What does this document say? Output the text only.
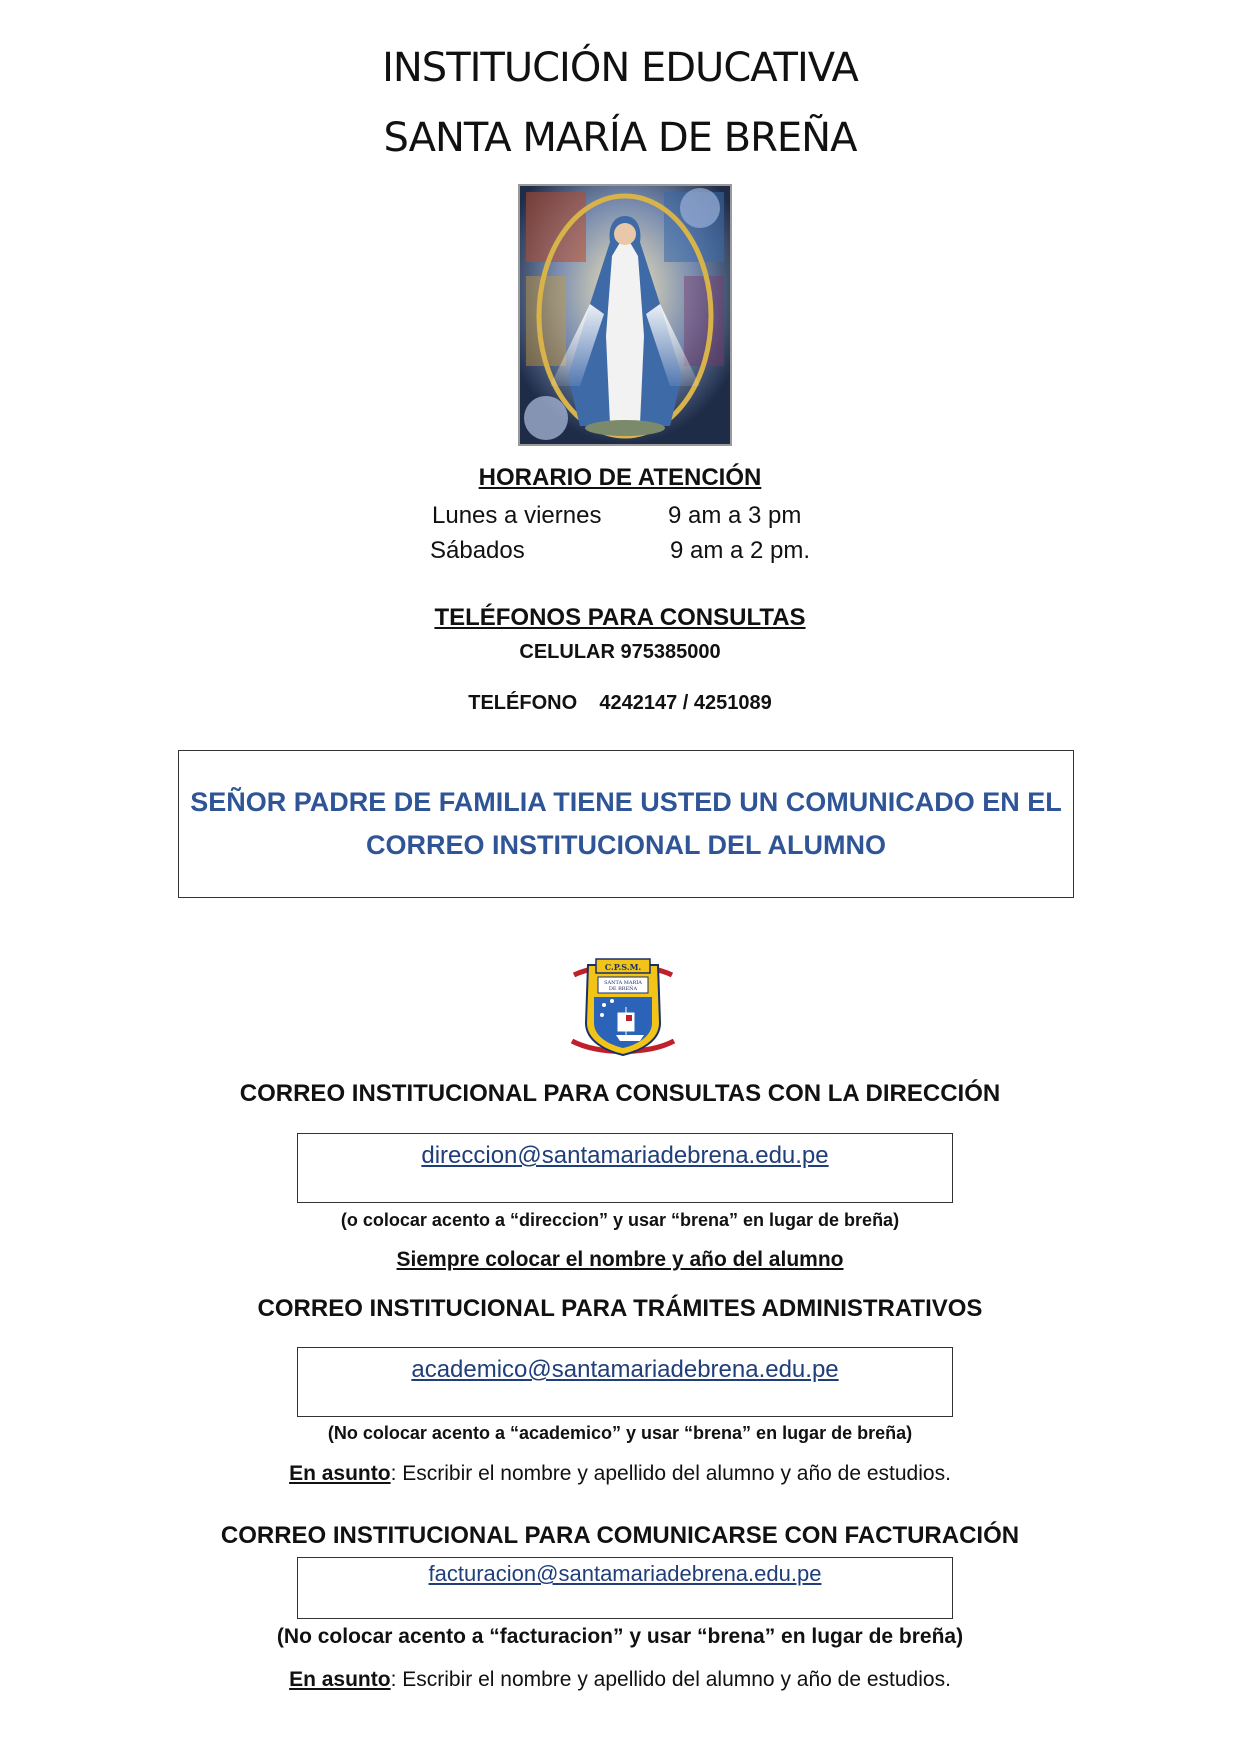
INSTITUCIÓN EDUCATIVA
SANTA MARÍA DE BREÑA
HORARIO DE ATENCIÓN
Lunes a viernes	9 am a 3 pm
Sábados	9 am a 2 pm.
TELÉFONOS PARA CONSULTAS
CELULAR 975385000
TELÉFONO 4242147 / 4251089
SEÑOR PADRE DE FAMILIA TIENE USTED UN COMUNICADO EN EL CORREO INSTITUCIONAL DEL ALUMNO
C.P.S.M.
SANTA MARÍA
DE BREÑA
CORREO INSTITUCIONAL PARA CONSULTAS CON LA DIRECCIÓN
direccion@santamariadebrena.edu.pe
(o colocar acento a “direccion” y usar “brena” en lugar de breña)
Siempre colocar el nombre y año del alumno
CORREO INSTITUCIONAL PARA TRÁMITES ADMINISTRATIVOS
academico@santamariadebrena.edu.pe
(No colocar acento a “academico” y usar “brena” en lugar de breña)
En asunto: Escribir el nombre y apellido del alumno y año de estudios.
CORREO INSTITUCIONAL PARA COMUNICARSE CON FACTURACIÓN
facturacion@santamariadebrena.edu.pe
(No colocar acento a “facturacion” y usar “brena” en lugar de breña)
En asunto: Escribir el nombre y apellido del alumno y año de estudios.
